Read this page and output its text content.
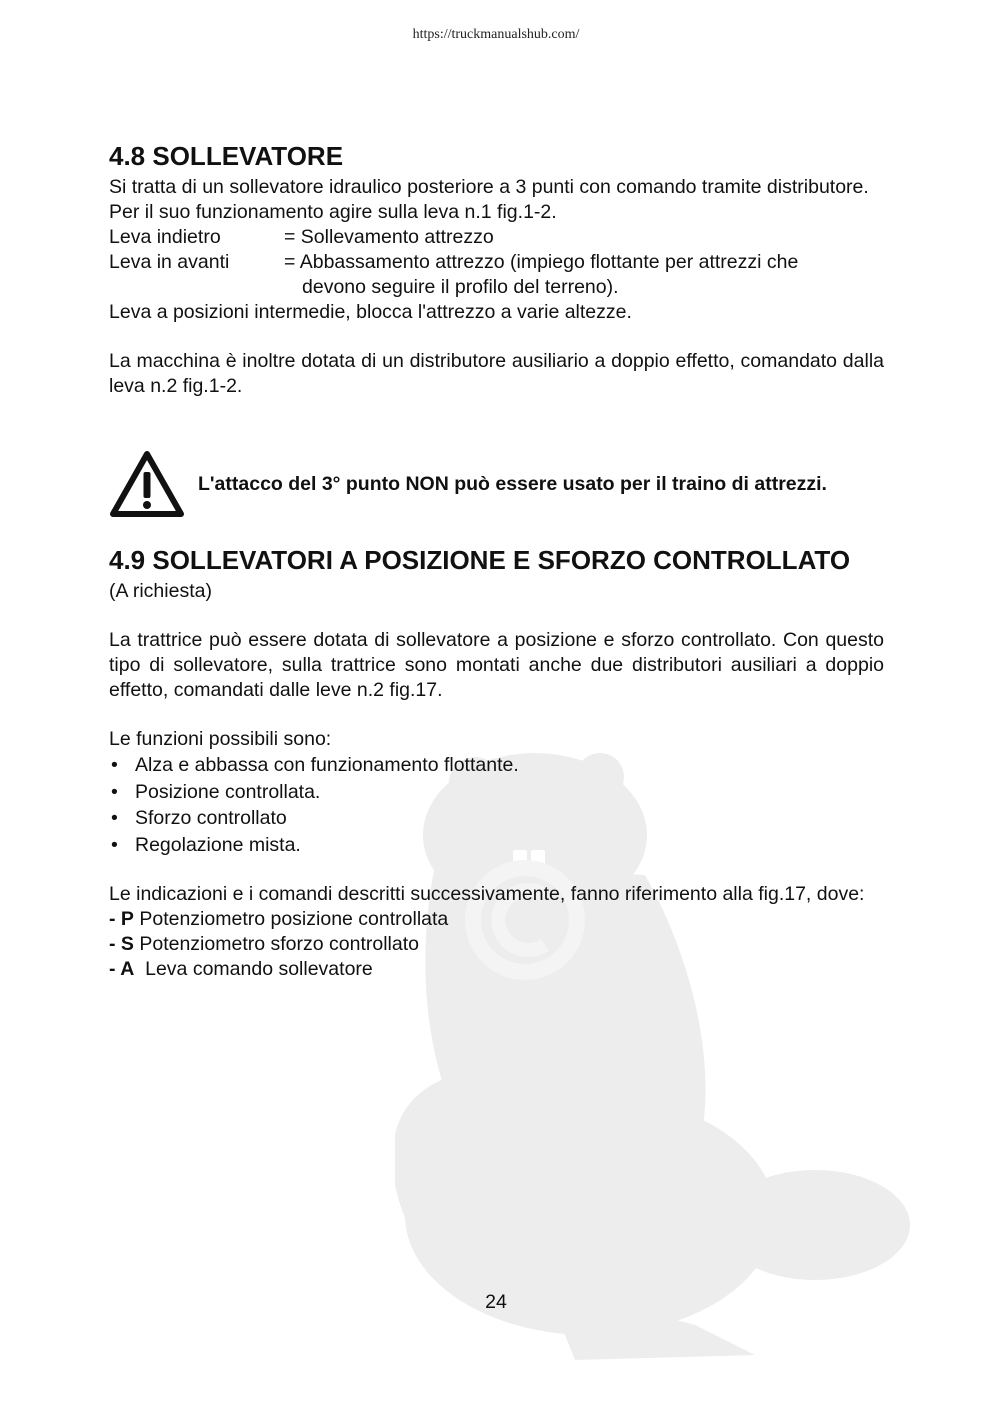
https://truckmanualshub.com/
4.8 SOLLEVATORE

Si tratta di un sollevatore idraulico posteriore a 3 punti con comando tramite distributore.

Per il suo funzionamento agire sulla leva n.1 fig.1-2.

Leva indietro	= Sollevamento attrezzo
Leva in avanti	= Abbassamento attrezzo (impiego flottante per attrezzi che
devono seguire il profilo del terreno).

Leva a posizioni intermedie, blocca l'attrezzo a varie altezze.

La macchina è inoltre dotata di un distributore ausiliario a doppio effetto, comandato dalla leva n.2 fig.1-2.

L'attacco del 3° punto NON può essere usato per il traino di attrezzi.

4.9 SOLLEVATORI A POSIZIONE E SFORZO CONTROLLATO

(A richiesta)

La trattrice può essere dotata di sollevatore a posizione e sforzo controllato. Con questo tipo di sollevatore, sulla trattrice sono montati anche due distributori ausiliari a doppio effetto, comandati dalle leve n.2 fig.17.

Le funzioni possibili sono:

• Alza e abbassa con funzionamento flottante.
• Posizione controllata.
• Sforzo controllato
• Regolazione mista.

Le indicazioni e i comandi descritti successivamente, fanno riferimento alla fig.17, dove:

- P Potenziometro posizione controllata

- S Potenziometro sforzo controllato

- A  Leva comando sollevatore

24
